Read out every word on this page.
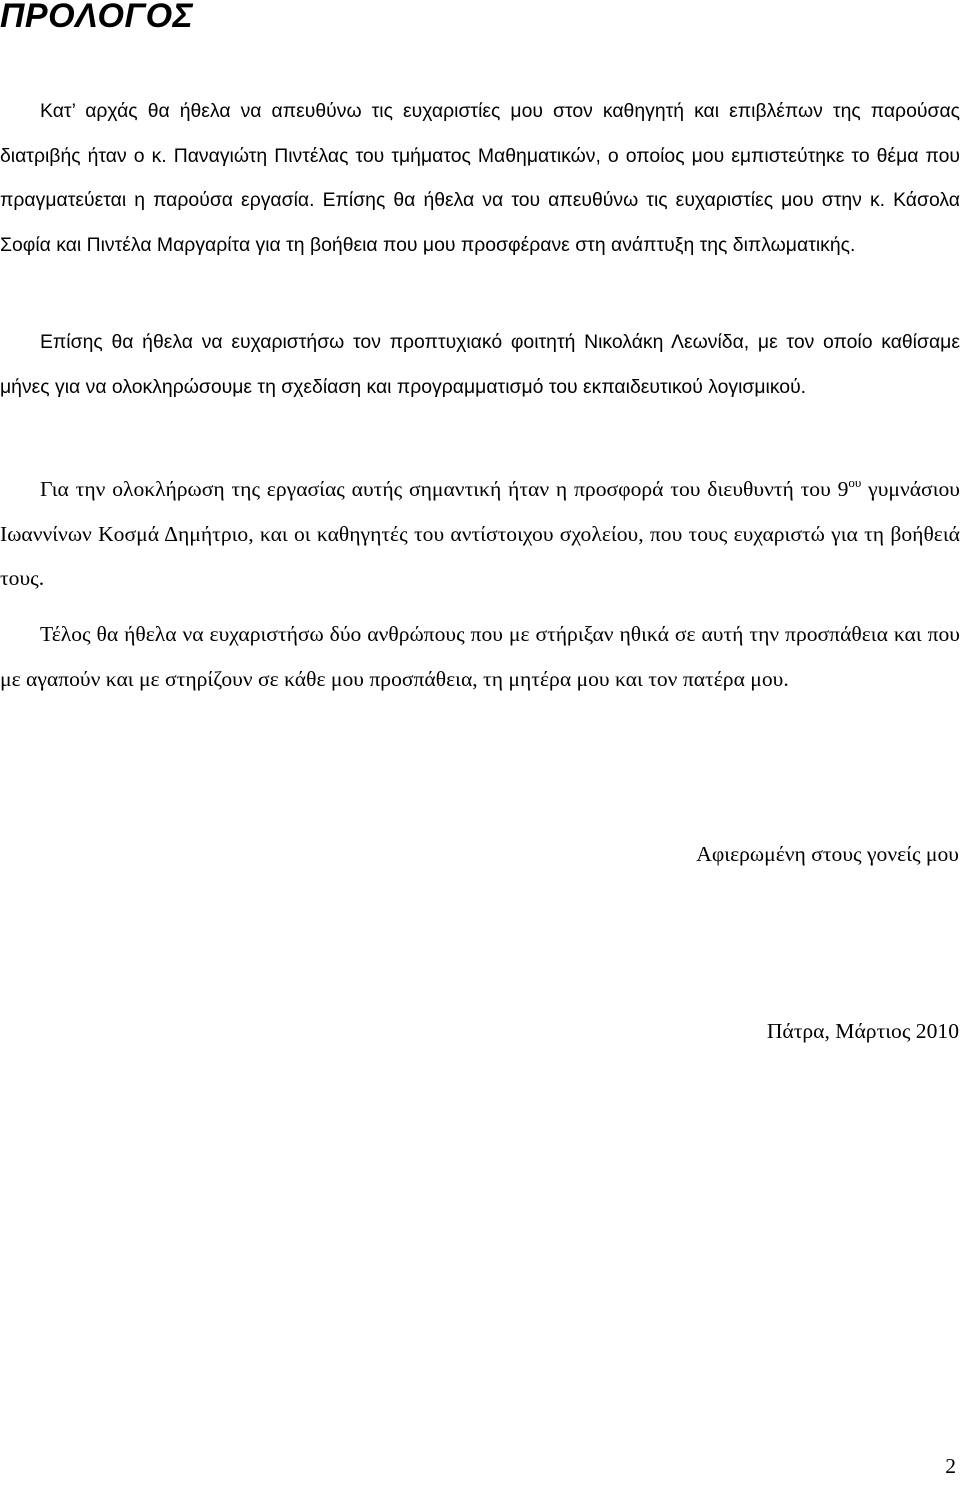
ΠΡΟΛΟΓΟΣ

Κατ’ αρχάς θα ήθελα να απευθύνω τις ευχαριστίες μου στον καθηγητή και επιβλέπων της παρούσας διατριβής ήταν ο κ. Παναγιώτη Πιντέλας του τμήματος Μαθηματικών, ο οποίος μου εμπιστεύτηκε το θέμα που πραγματεύεται η παρούσα εργασία. Επίσης θα ήθελα να του απευθύνω τις ευχαριστίες μου στην κ. Κάσολα Σοφία και Πιντέλα Μαργαρίτα για τη βοήθεια που μου προσφέρανε στη ανάπτυξη της διπλωματικής.

Επίσης θα ήθελα να ευχαριστήσω τον προπτυχιακό φοιτητή Νικολάκη Λεωνίδα, με τον οποίο καθίσαμε μήνες για να ολοκληρώσουμε τη σχεδίαση και προγραμματισμό του εκπαιδευτικού λογισμικού.

Για την ολοκλήρωση της εργασίας αυτής σημαντική ήταν η προσφορά του διευθυντή του $9^{o\upsilon}$ γυμνάσιου Ιωαννίνων Κοσμά Δημήτριο, και οι καθηγητές του αντίστοιχου σχολείου, που τους ευχαριστώ για τη βοήθειά τους.

Τέλος θα ήθελα να ευχαριστήσω δύο ανθρώπους που με στήριξαν ηθικά σε αυτή την προσπάθεια και που με αγαπούν και με στηρίζουν σε κάθε μου προσπάθεια, τη μητέρα μου και τον πατέρα μου.

Αφιερωμένη στους γονείς μου

Πάτρα, Μάρτιος 2010

2
